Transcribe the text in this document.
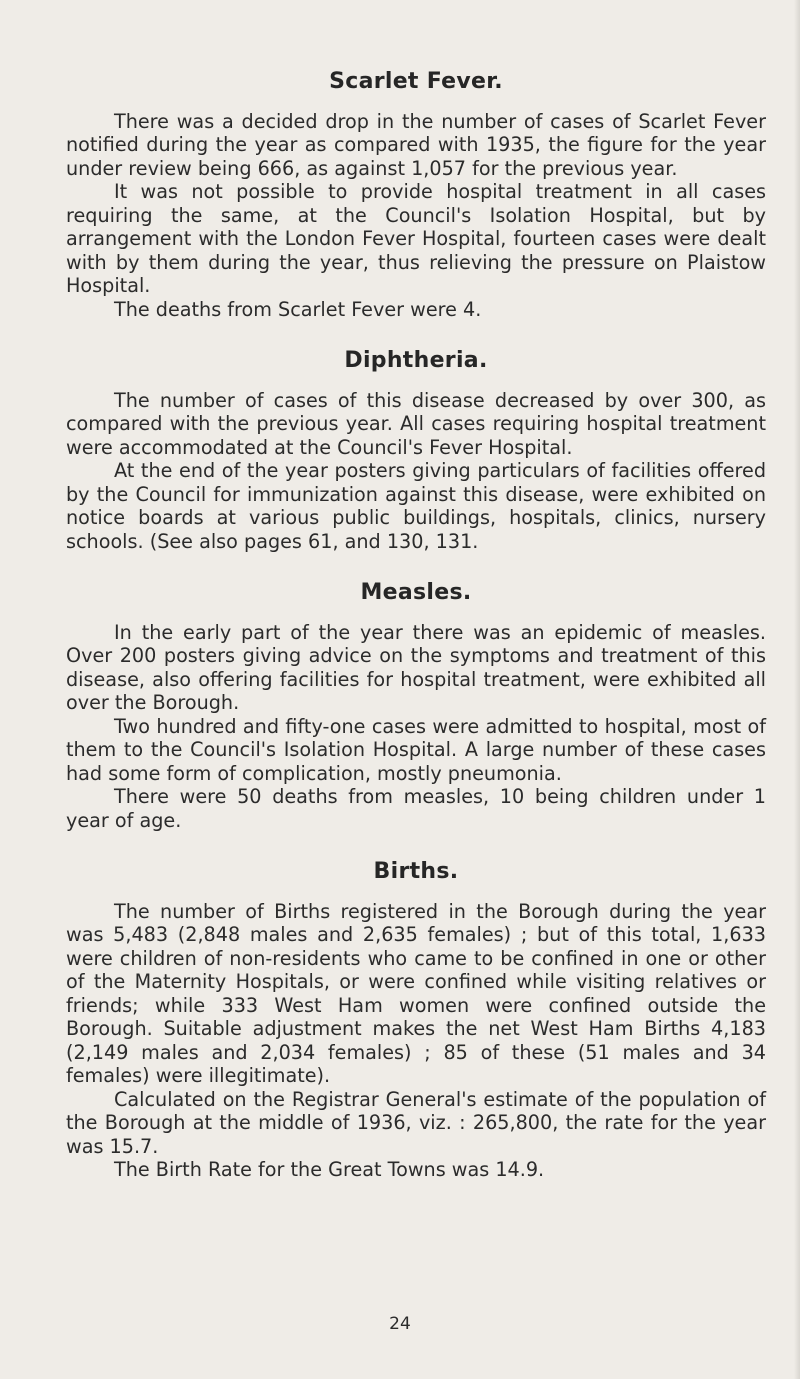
Scarlet Fever.

There was a decided drop in the number of cases of Scarlet Fever notified during the year as compared with 1935, the figure for the year under review being 666, as against 1,057 for the previous year.

It was not possible to provide hospital treatment in all cases requiring the same, at the Council's Isolation Hospital, but by arrangement with the London Fever Hospital, fourteen cases were dealt with by them during the year, thus relieving the pressure on Plaistow Hospital.

The deaths from Scarlet Fever were 4.

Diphtheria.

The number of cases of this disease decreased by over 300, as compared with the previous year. All cases requiring hospital treatment were accommodated at the Council's Fever Hospital.

At the end of the year posters giving particulars of facilities offered by the Council for immunization against this disease, were exhibited on notice boards at various public buildings, hospitals, clinics, nursery schools. (See also pages 61, and 130, 131.

Measles.

In the early part of the year there was an epidemic of measles. Over 200 posters giving advice on the symptoms and treatment of this disease, also offering facilities for hospital treatment, were exhibited all over the Borough.

Two hundred and fifty-one cases were admitted to hospital, most of them to the Council's Isolation Hospital. A large number of these cases had some form of complication, mostly pneumonia.

There were 50 deaths from measles, 10 being children under 1 year of age.

Births.

The number of Births registered in the Borough during the year was 5,483 (2,848 males and 2,635 females) ; but of this total, 1,633 were children of non-residents who came to be confined in one or other of the Maternity Hospitals, or were confined while visiting relatives or friends; while 333 West Ham women were confined outside the Borough. Suitable adjustment makes the net West Ham Births 4,183 (2,149 males and 2,034 females) ; 85 of these (51 males and 34 females) were illegitimate).

Calculated on the Registrar General's estimate of the population of the Borough at the middle of 1936, viz. : 265,800, the rate for the year was 15.7.

The Birth Rate for the Great Towns was 14.9.

24
